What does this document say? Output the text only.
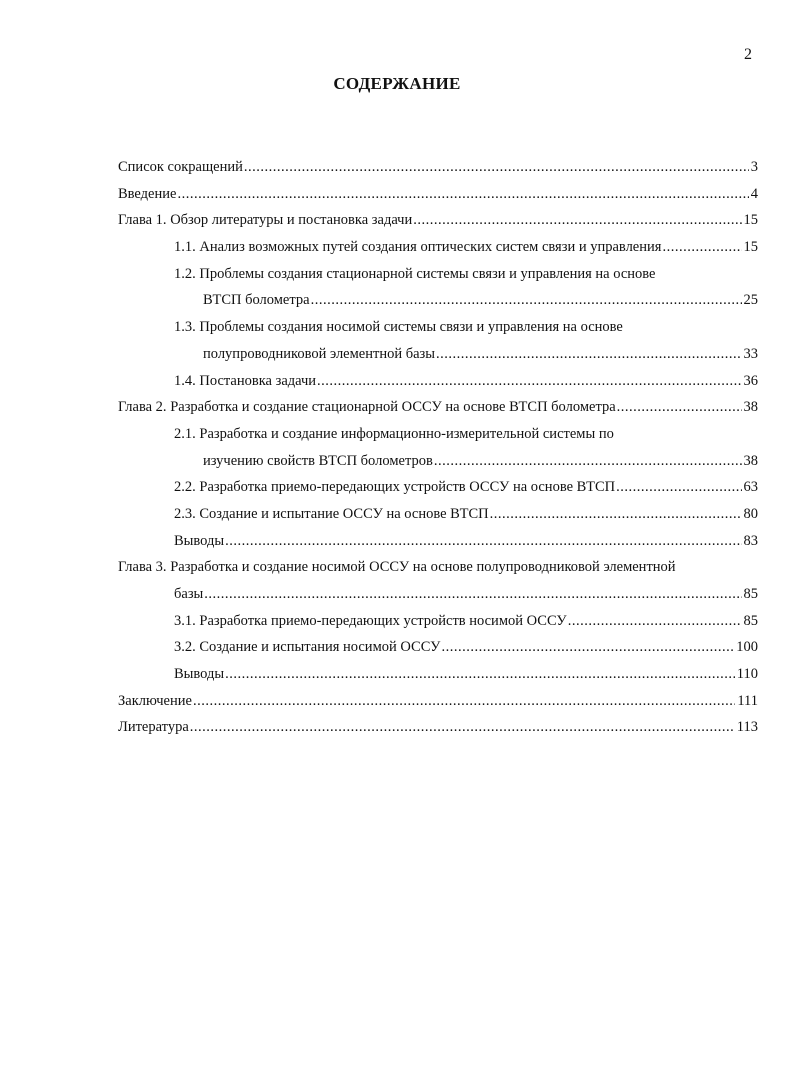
2
СОДЕРЖАНИЕ
Список сокращений .....	3
Введение .....	4
Глава 1.
Обзор литературы и постановка задачи .....	15
1.1. Анализ возможных путей создания оптических систем связи и управления .....	15
1.2. Проблемы создания стационарной системы связи и управления на основе
ВТСП болометра .....	25
1.3. Проблемы создания носимой системы связи и управления на основе
полупроводниковой элементной базы .....	33
1.4. Постановка задачи .....	36
Глава 2.
Разработка и создание стационарной ОССУ на основе ВТСП болометра .....	38
2.1. Разработка и создание информационно-измерительной системы по
изучению свойств ВТСП болометров .....	38
2.2. Разработка приемо-передающих устройств ОССУ на основе ВТСП .....	63
2.3. Создание и испытание ОССУ на основе ВТСП .....	80
Выводы .....	83
Глава 3.
Разработка и создание носимой ОССУ на основе полупроводниковой элементной
базы .....	85
3.1. Разработка приемо-передающих устройств носимой ОССУ .....	85
3.2. Создание и испытания носимой ОССУ .....	100
Выводы .....	110
Заключение .....	111
Литература .....	113
